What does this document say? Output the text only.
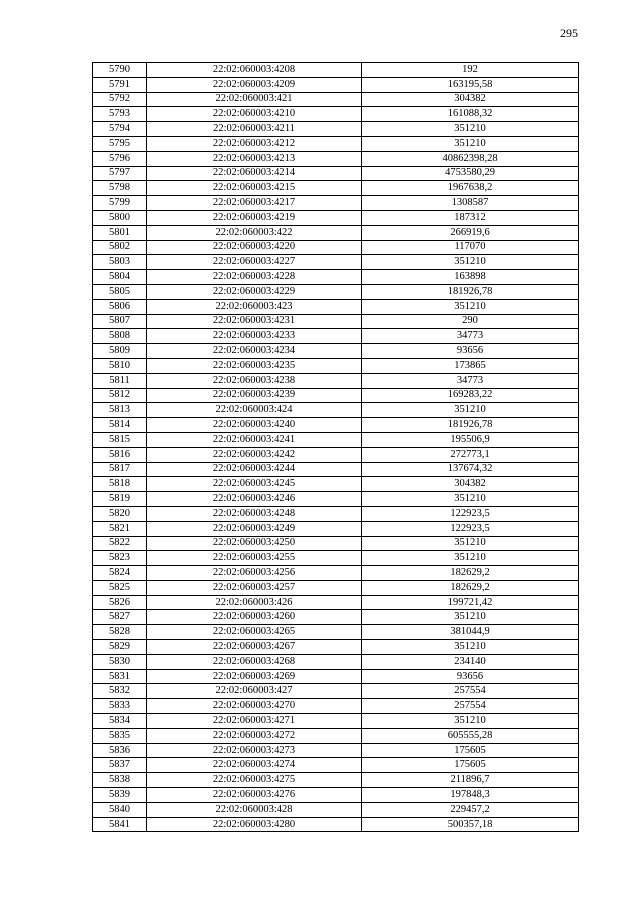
295
5790	22:02:060003:4208	192
5791	22:02:060003:4209	163195,58
5792	22:02:060003:421	304382
5793	22:02:060003:4210	161088,32
5794	22:02:060003:4211	351210
5795	22:02:060003:4212	351210
5796	22:02:060003:4213	40862398,28
5797	22:02:060003:4214	4753580,29
5798	22:02:060003:4215	1967638,2
5799	22:02:060003:4217	1308587
5800	22:02:060003:4219	187312
5801	22:02:060003:422	266919,6
5802	22:02:060003:4220	117070
5803	22:02:060003:4227	351210
5804	22:02:060003:4228	163898
5805	22:02:060003:4229	181926,78
5806	22:02:060003:423	351210
5807	22:02:060003:4231	290
5808	22:02:060003:4233	34773
5809	22:02:060003:4234	93656
5810	22:02:060003:4235	173865
5811	22:02:060003:4238	34773
5812	22:02:060003:4239	169283,22
5813	22:02:060003:424	351210
5814	22:02:060003:4240	181926,78
5815	22:02:060003:4241	195506,9
5816	22:02:060003:4242	272773,1
5817	22:02:060003:4244	137674,32
5818	22:02:060003:4245	304382
5819	22:02:060003:4246	351210
5820	22:02:060003:4248	122923,5
5821	22:02:060003:4249	122923,5
5822	22:02:060003:4250	351210
5823	22:02:060003:4255	351210
5824	22:02:060003:4256	182629,2
5825	22:02:060003:4257	182629,2
5826	22:02:060003:426	199721,42
5827	22:02:060003:4260	351210
5828	22:02:060003:4265	381044,9
5829	22:02:060003:4267	351210
5830	22:02:060003:4268	234140
5831	22:02:060003:4269	93656
5832	22:02:060003:427	257554
5833	22:02:060003:4270	257554
5834	22:02:060003:4271	351210
5835	22:02:060003:4272	605555,28
5836	22:02:060003:4273	175605
5837	22:02:060003:4274	175605
5838	22:02:060003:4275	211896,7
5839	22:02:060003:4276	197848,3
5840	22:02:060003:428	229457,2
5841	22:02:060003:4280	500357,18
